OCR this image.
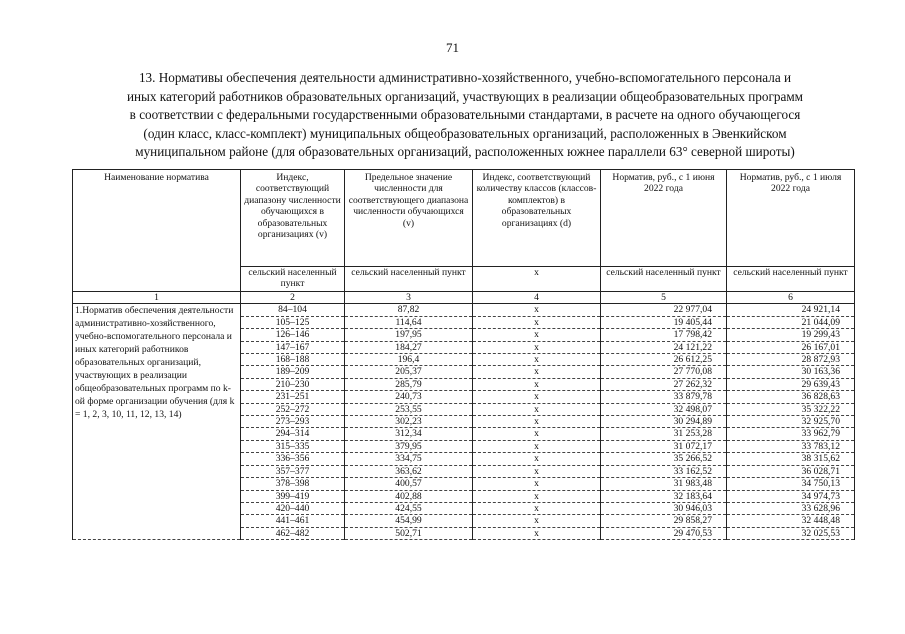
71
13. Нормативы обеспечения деятельности административно-хозяйственного, учебно-вспомогательного персонала и
иных категорий работников образовательных организаций, участвующих в реализации общеобразовательных программ
в соответствии с федеральными государственными образовательными стандартами, в расчете на одного обучающегося
(один класс, класс-комплект) муниципальных общеобразовательных организаций, расположенных в Эвенкийском
муниципальном районе (для образовательных организаций, расположенных южнее параллели 63° северной широты)
Наименование норматива	Индекс, соответствующий диапазону численности обучающихся в образовательных организациях (v)	Предельное значение численности для соответствующего диапазона численности обучающихся (v)	Индекс, соответствующий количеству классов (классов-комплектов) в образовательных организациях (d)	Норматив, руб., с 1 июня 2022 года	Норматив, руб., с 1 июля 2022 года
	сельский населенный пункт	сельский населенный пункт	х	сельский населенный пункт	сельский населенный пункт
1	2	3	4	5	6
1.Норматив обеспечения деятельности административно-хозяйственного, учебно-вспомогательного персонала и иных категорий работников образовательных организаций, участвующих в реализации общеобразовательных программ по k-ой форме организации обучения (для k = 1, 2, 3, 10, 11, 12, 13, 14)	84–104	87,82	х	22 977,04	24 921,14
	105–125	114,64	х	19 405,44	21 044,09
	126–146	197,95	х	17 798,42	19 299,43
	147–167	184,27	х	24 121,22	26 167,01
	168–188	196,4	х	26 612,25	28 872,93
	189–209	205,37	х	27 770,08	30 163,36
	210–230	285,79	х	27 262,32	29 639,43
	231–251	240,73	х	33 879,78	36 828,63
	252–272	253,55	х	32 498,07	35 322,22
	273–293	302,23	х	30 294,89	32 925,70
	294–314	312,34	х	31 253,28	33 962,79
	315–335	379,95	х	31 072,17	33 783,12
	336–356	334,75	х	35 266,52	38 315,62
	357–377	363,62	х	33 162,52	36 028,71
	378–398	400,57	х	31 983,48	34 750,13
	399–419	402,88	х	32 183,64	34 974,73
	420–440	424,55	х	30 946,03	33 628,96
	441–461	454,99	х	29 858,27	32 448,48
	462–482	502,71	х	29 470,53	32 025,53
